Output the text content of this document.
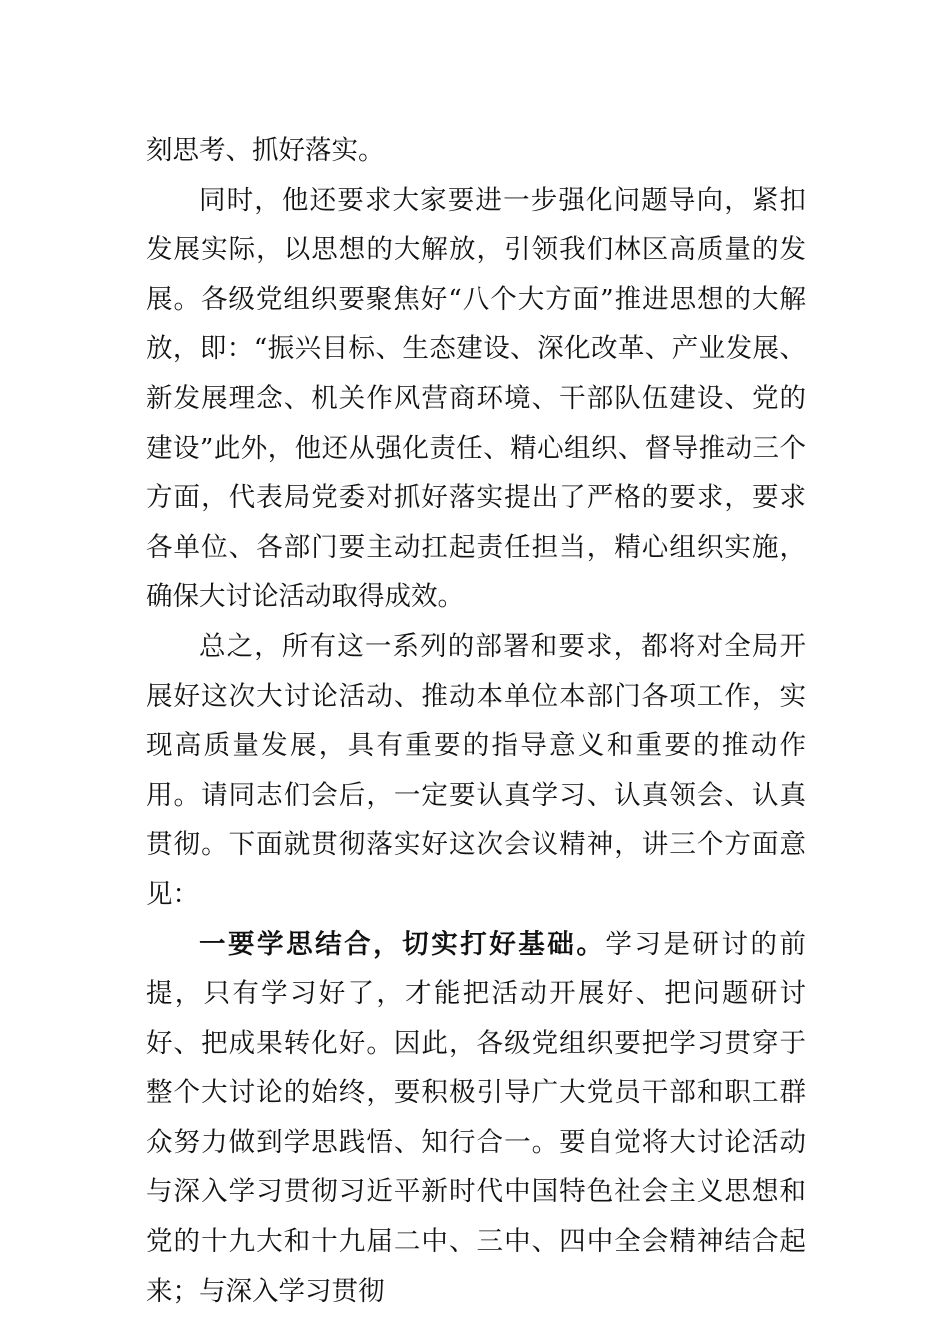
刻思考、抓好落实。

同时，他还要求大家要进一步强化问题导向，紧扣发展实际，以思想的大解放，引领我们林区高质量的发展。各级党组织要聚焦好“八个大方面”推进思想的大解放，即：“振兴目标、生态建设、深化改革、产业发展、新发展理念、机关作风营商环境、干部队伍建设、党的建设”此外，他还从强化责任、精心组织、督导推动三个方面，代表局党委对抓好落实提出了严格的要求，要求各单位、各部门要主动扛起责任担当，精心组织实施，确保大讨论活动取得成效。

总之，所有这一系列的部署和要求，都将对全局开展好这次大讨论活动、推动本单位本部门各项工作，实现高质量发展，具有重要的指导意义和重要的推动作用。请同志们会后，一定要认真学习、认真领会、认真贯彻。下面就贯彻落实好这次会议精神，讲三个方面意见：

一要学思结合，切实打好基础。学习是研讨的前提，只有学习好了，才能把活动开展好、把问题研讨好、把成果转化好。因此，各级党组织要把学习贯穿于整个大讨论的始终，要积极引导广大党员干部和职工群众努力做到学思践悟、知行合一。要自觉将大讨论活动与深入学习贯彻习近平新时代中国特色社会主义思想和党的十九大和十九届二中、三中、四中全会精神结合起来；与深入学习贯彻
